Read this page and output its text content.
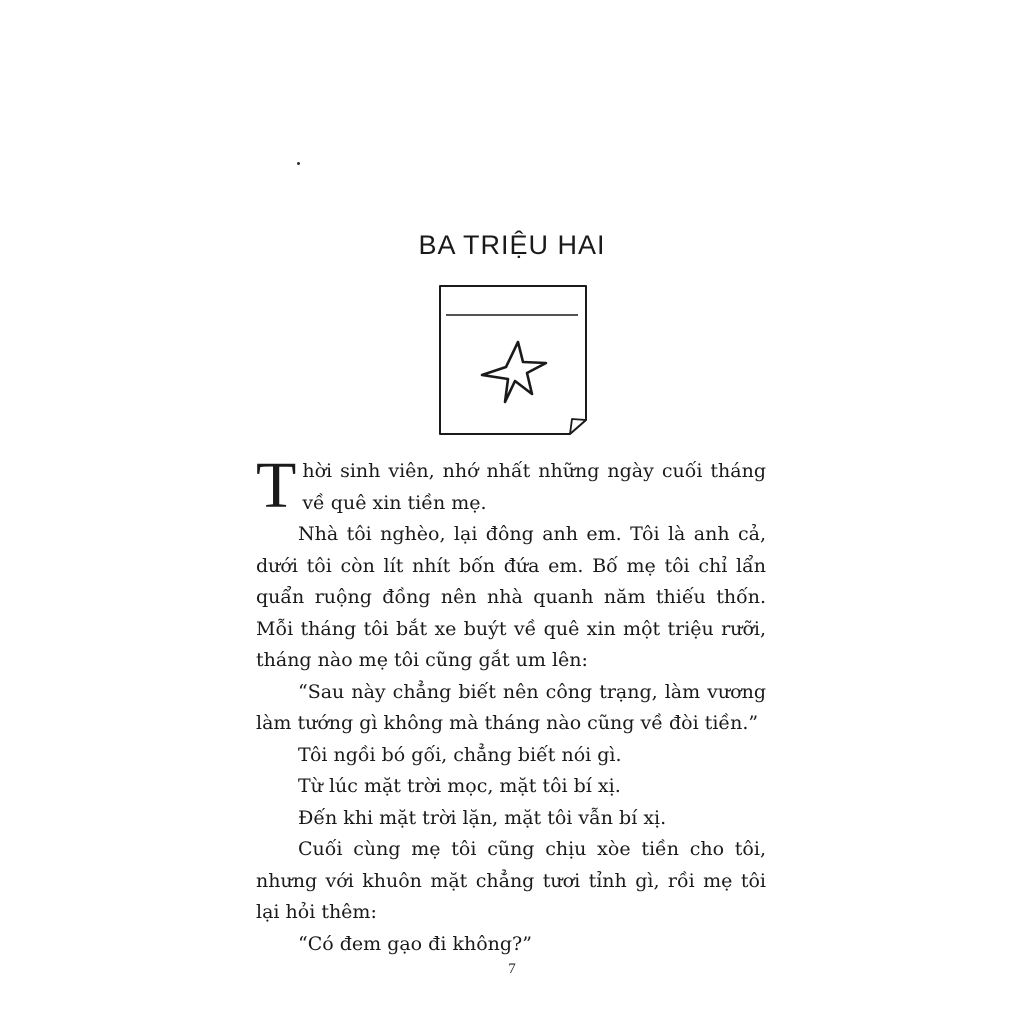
BA TRIỆU HAI

Thời sinh viên, nhớ nhất những ngày cuối tháng về quê xin tiền mẹ.

Nhà tôi nghèo, lại đông anh em. Tôi là anh cả, dưới tôi còn lít nhít bốn đứa em. Bố mẹ tôi chỉ lẩn quẩn ruộng đồng nên nhà quanh năm thiếu thốn. Mỗi tháng tôi bắt xe buýt về quê xin một triệu rưỡi, tháng nào mẹ tôi cũng gắt um lên:

“Sau này chẳng biết nên công trạng, làm vương làm tướng gì không mà tháng nào cũng về đòi tiền.”

Tôi ngồi bó gối, chẳng biết nói gì.

Từ lúc mặt trời mọc, mặt tôi bí xị.

Đến khi mặt trời lặn, mặt tôi vẫn bí xị.

Cuối cùng mẹ tôi cũng chịu xòe tiền cho tôi, nhưng với khuôn mặt chẳng tươi tỉnh gì, rồi mẹ tôi lại hỏi thêm:

“Có đem gạo đi không?”

7
